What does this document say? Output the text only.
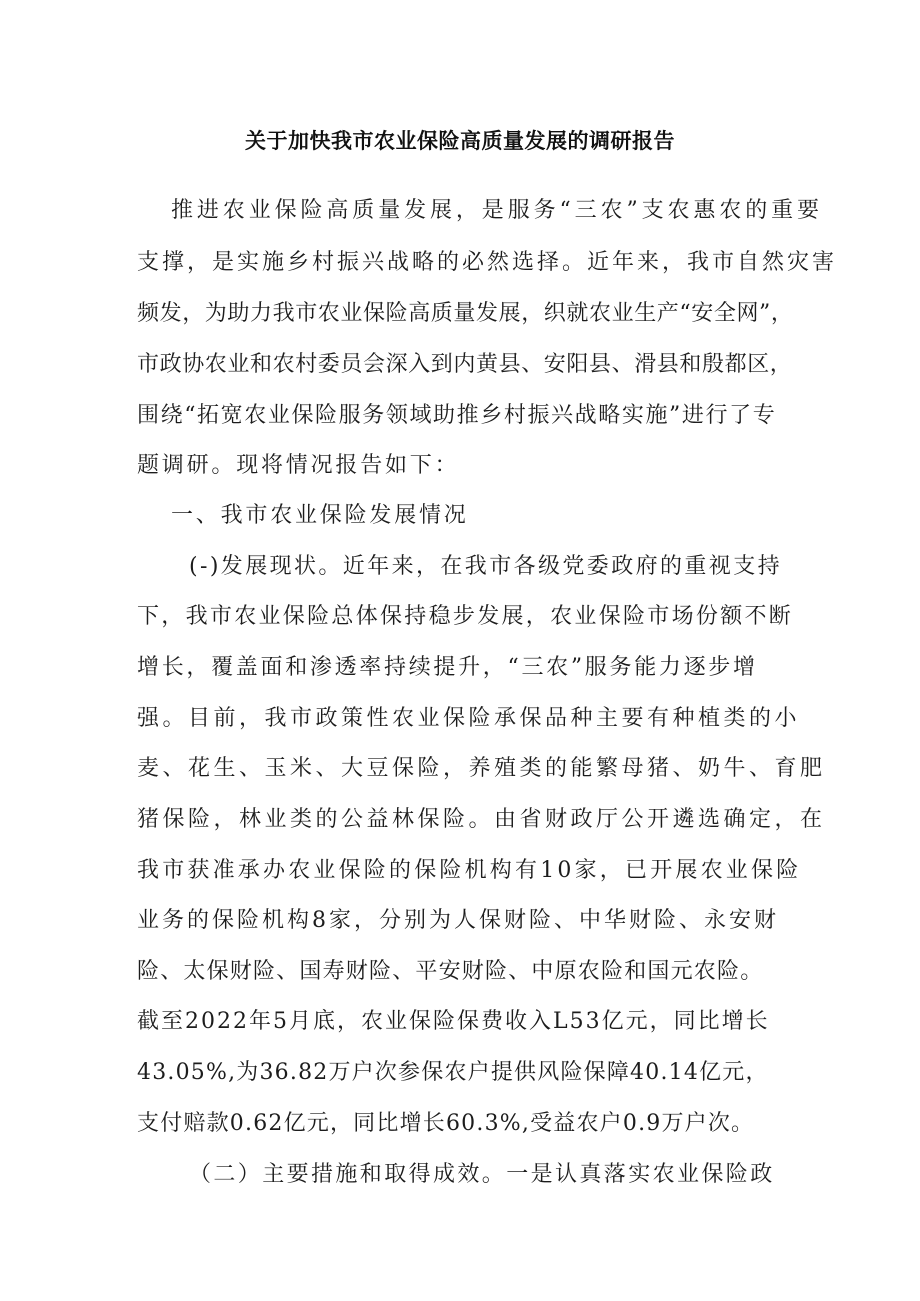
关于加快我市农业保险高质量发展的调研报告
推进农业保险高质量发展，是服务“三农”支农惠农的重要
支撑，是实施乡村振兴战略的必然选择。近年来，我市自然灾害
频发，为助力我市农业保险高质量发展，织就农业生产“安全网”，
市政协农业和农村委员会深入到内黄县、安阳县、滑县和殷都区，
围绕“拓宽农业保险服务领域助推乡村振兴战略实施”进行了专
题调研。现将情况报告如下：
一、我市农业保险发展情况
(-)发展现状。近年来，在我市各级党委政府的重视支持
下，我市农业保险总体保持稳步发展，农业保险市场份额不断
增长，覆盖面和渗透率持续提升，“三农”服务能力逐步增
强。目前，我市政策性农业保险承保品种主要有种植类的小
麦、花生、玉米、大豆保险，养殖类的能繁母猪、奶牛、育肥
猪保险，林业类的公益林保险。由省财政厅公开遴选确定，在
我市获准承办农业保险的保险机构有10家，已开展农业保险
业务的保险机构8家，分别为人保财险、中华财险、永安财
险、太保财险、国寿财险、平安财险、中原农险和国元农险。
截至2022年5月底，农业保险保费收入L53亿元，同比增长
43.05%,为36.82万户次参保农户提供风险保障40.14亿元，
支付赔款0.62亿元，同比增长60.3%,受益农户0.9万户次。
（二）主要措施和取得成效。一是认真落实农业保险政
